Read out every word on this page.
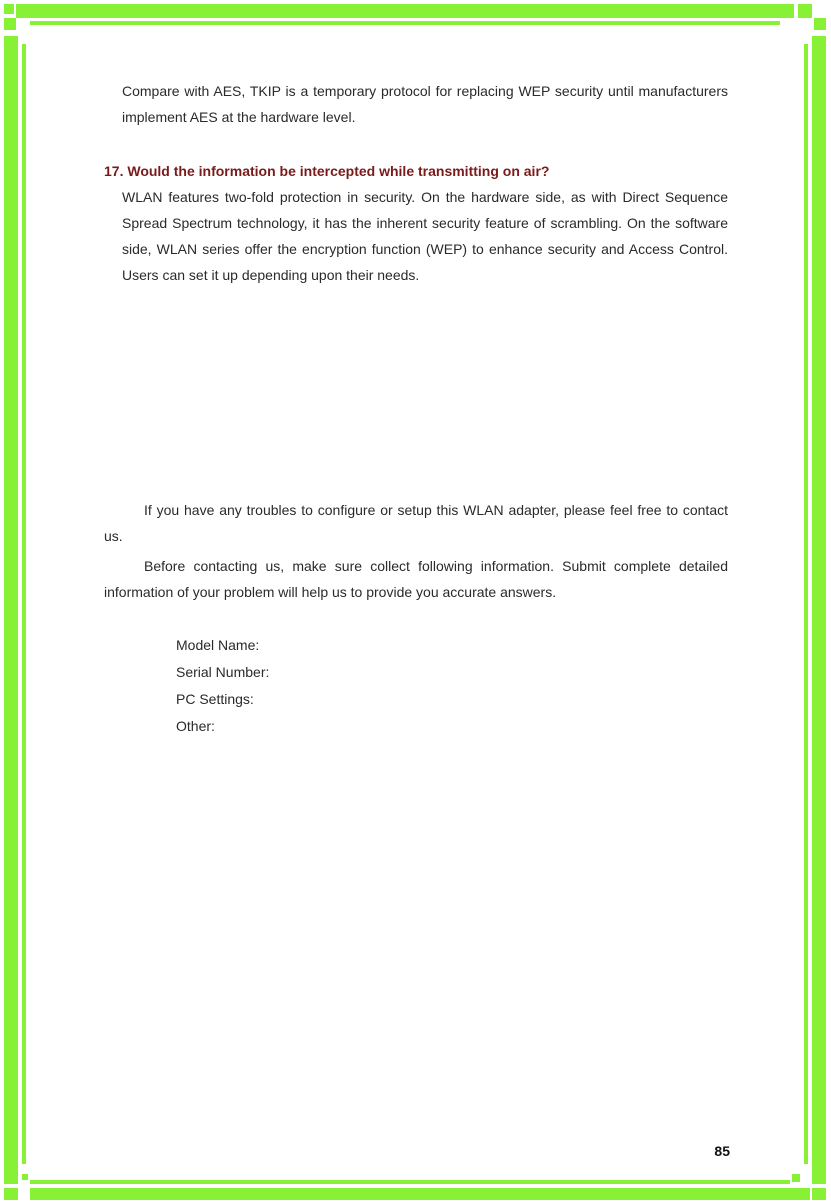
Compare with AES, TKIP is a temporary protocol for replacing WEP security until manufacturers implement AES at the hardware level.

17. Would the information be intercepted while transmitting on air?

WLAN features two-fold protection in security. On the hardware side, as with Direct Sequence Spread Spectrum technology, it has the inherent security feature of scrambling. On the software side, WLAN series offer the encryption function (WEP) to enhance security and Access Control. Users can set it up depending upon their needs.

If you have any troubles to configure or setup this WLAN adapter, please feel free to contact us.

Before contacting us, make sure collect following information. Submit complete detailed information of your problem will help us to provide you accurate answers.

Model Name:
Serial Number:
PC Settings:
Other:
85
